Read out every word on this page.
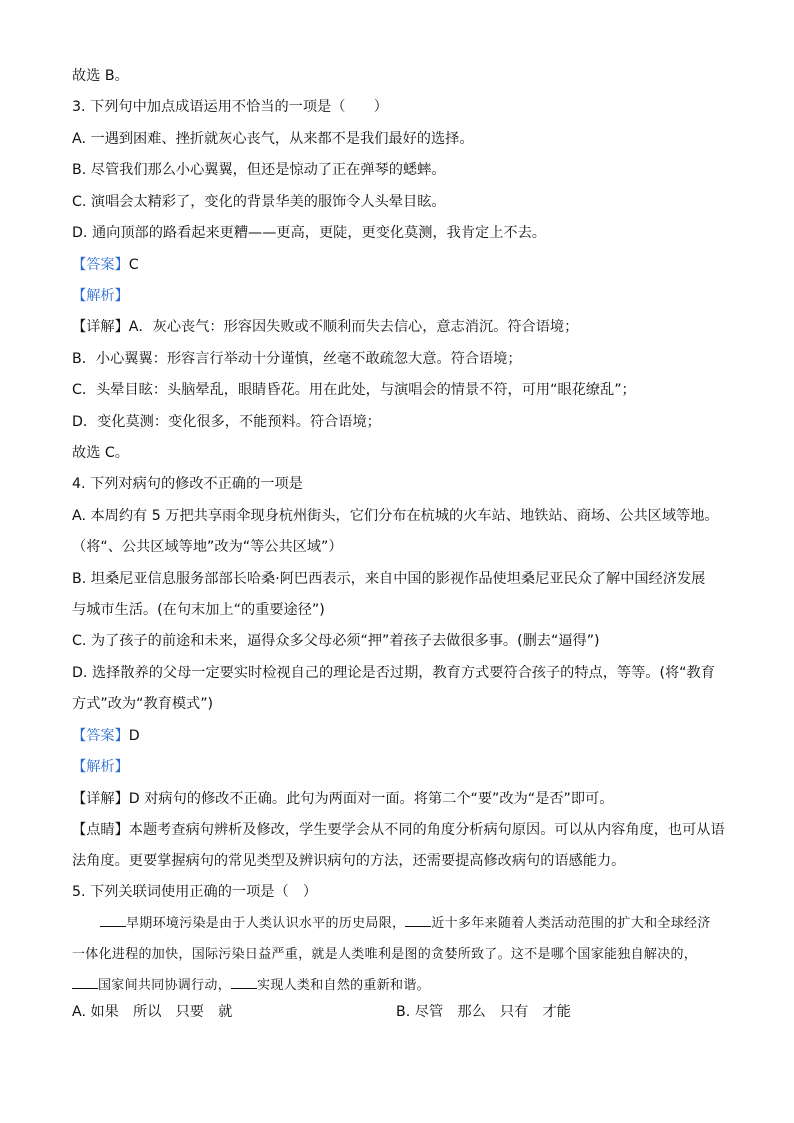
故选 B。
3. 下列句中加点成语运用不恰当的一项是（　　）
A. 一遇到困难、挫折就灰心丧气，从来都不是我们最好的选择。
B. 尽管我们那么小心翼翼，但还是惊动了正在弹琴的蟋蟀。
C. 演唱会太精彩了，变化的背景华美的服饰令人头晕目眩。
D. 通向顶部的路看起来更糟——更高，更陡，更变化莫测，我肯定上不去。
【答案】C
【解析】
【详解】A．灰心丧气：形容因失败或不顺利而失去信心，意志消沉。符合语境；
B．小心翼翼：形容言行举动十分谨慎，丝毫不敢疏忽大意。符合语境；
C．头晕目眩：头脑晕乱，眼睛昏花。用在此处，与演唱会的情景不符，可用“眼花缭乱”；
D．变化莫测：变化很多，不能预料。符合语境；
故选 C。
4. 下列对病句的修改不正确的一项是
A. 本周约有 5 万把共享雨伞现身杭州街头，它们分布在杭城的火车站、地铁站、商场、公共区域等地。
（将“、公共区域等地”改为“等公共区域”）
B. 坦桑尼亚信息服务部部长哈桑·阿巴西表示，来自中国的影视作品使坦桑尼亚民众了解中国经济发展
与城市生活。(在句末加上“的重要途径”)
C. 为了孩子的前途和未来，逼得众多父母必须“押”着孩子去做很多事。(删去“逼得”)
D. 选择散养的父母一定要实时检视自己的理论是否过期，教育方式要符合孩子的特点，等等。(将“教育
方式”改为“教育模式”)
【答案】D
【解析】
【详解】D 对病句的修改不正确。此句为两面对一面。将第二个“要”改为“是否”即可。
【点睛】本题考查病句辨析及修改，学生要学会从不同的角度分析病句原因。可以从内容角度，也可从语
法角度。更要掌握病句的常见类型及辨识病句的方法，还需要提高修改病句的语感能力。
5. 下列关联词使用正确的一项是（　）
早期环境污染是由于人类认识水平的历史局限， 近十多年来随着人类活动范围的扩大和全球经济一体化进程的加快，国际污染日益严重，就是人类唯利是图的贪婪所致了。这不是哪个国家能独自解决的，国家间共同协调行动， 实现人类和自然的重新和谐。
A. 如果　所以　只要　就	B. 尽管　那么　只有　才能
